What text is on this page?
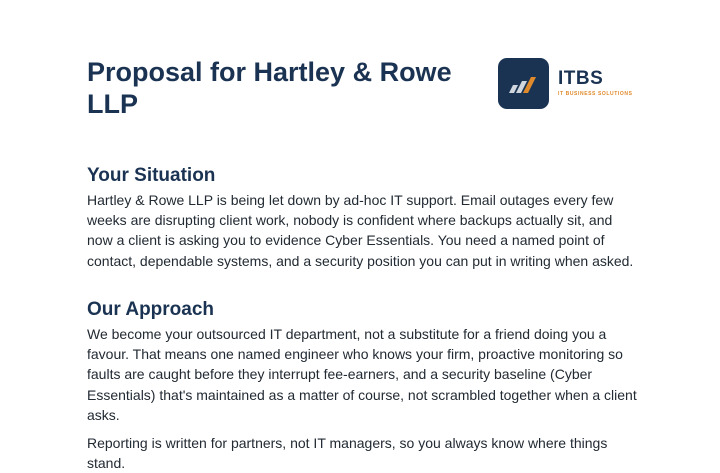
Proposal for Hartley & Rowe LLP
ITBS
IT BUSINESS SOLUTIONS
Your Situation

Hartley & Rowe LLP is being let down by ad-hoc IT support. Email outages every few weeks are disrupting client work, nobody is confident where backups actually sit, and now a client is asking you to evidence Cyber Essentials. You need a named point of contact, dependable systems, and a security position you can put in writing when asked.

Our Approach

We become your outsourced IT department, not a substitute for a friend doing you a favour. That means one named engineer who knows your firm, proactive monitoring so faults are caught before they interrupt fee-earners, and a security baseline (Cyber Essentials) that's maintained as a matter of course, not scrambled together when a client asks.

Reporting is written for partners, not IT managers, so you always know where things stand.
